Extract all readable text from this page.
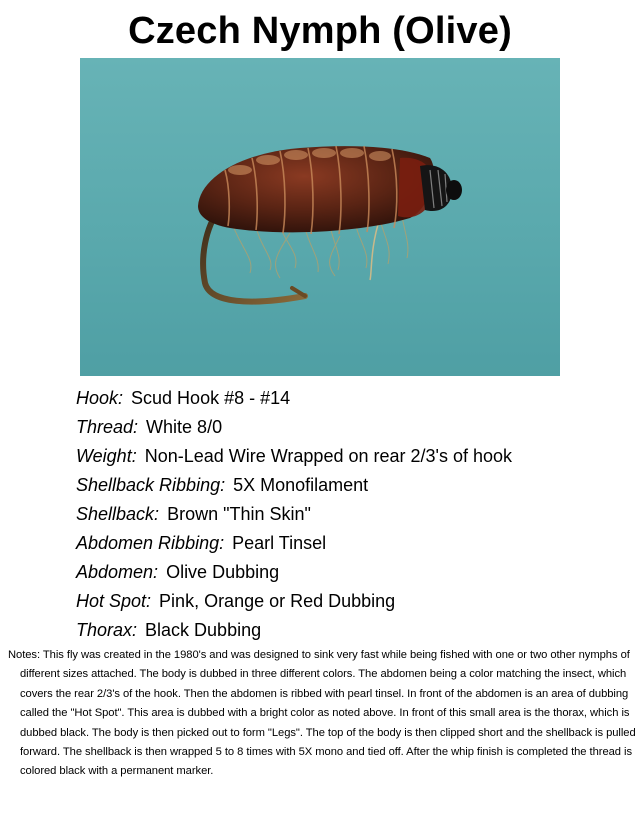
Czech Nymph (Olive)
Hook: Scud Hook #8 - #14
Thread: White 8/0
Weight: Non-Lead Wire Wrapped on rear 2/3's of hook
Shellback Ribbing: 5X Monofilament
Shellback: Brown "Thin Skin"
Abdomen Ribbing: Pearl Tinsel
Abdomen: Olive Dubbing
Hot Spot: Pink, Orange or Red Dubbing
Thorax: Black Dubbing

Notes: This fly was created in the 1980's and was designed to sink very fast while being fished with one or two other nymphs of different sizes attached. The body is dubbed in three different colors. The abdomen being a color matching the insect, which covers the rear 2/3's of the hook. Then the abdomen is ribbed with pearl tinsel. In front of the abdomen is an area of dubbing called the "Hot Spot". This area is dubbed with a bright color as noted above. In front of this small area is the thorax, which is dubbed black. The body is then picked out to form "Legs". The top of the body is then clipped short and the shellback is pulled forward. The shellback is then wrapped 5 to 8 times with 5X mono and tied off. After the whip finish is completed the thread is colored black with a permanent marker.
